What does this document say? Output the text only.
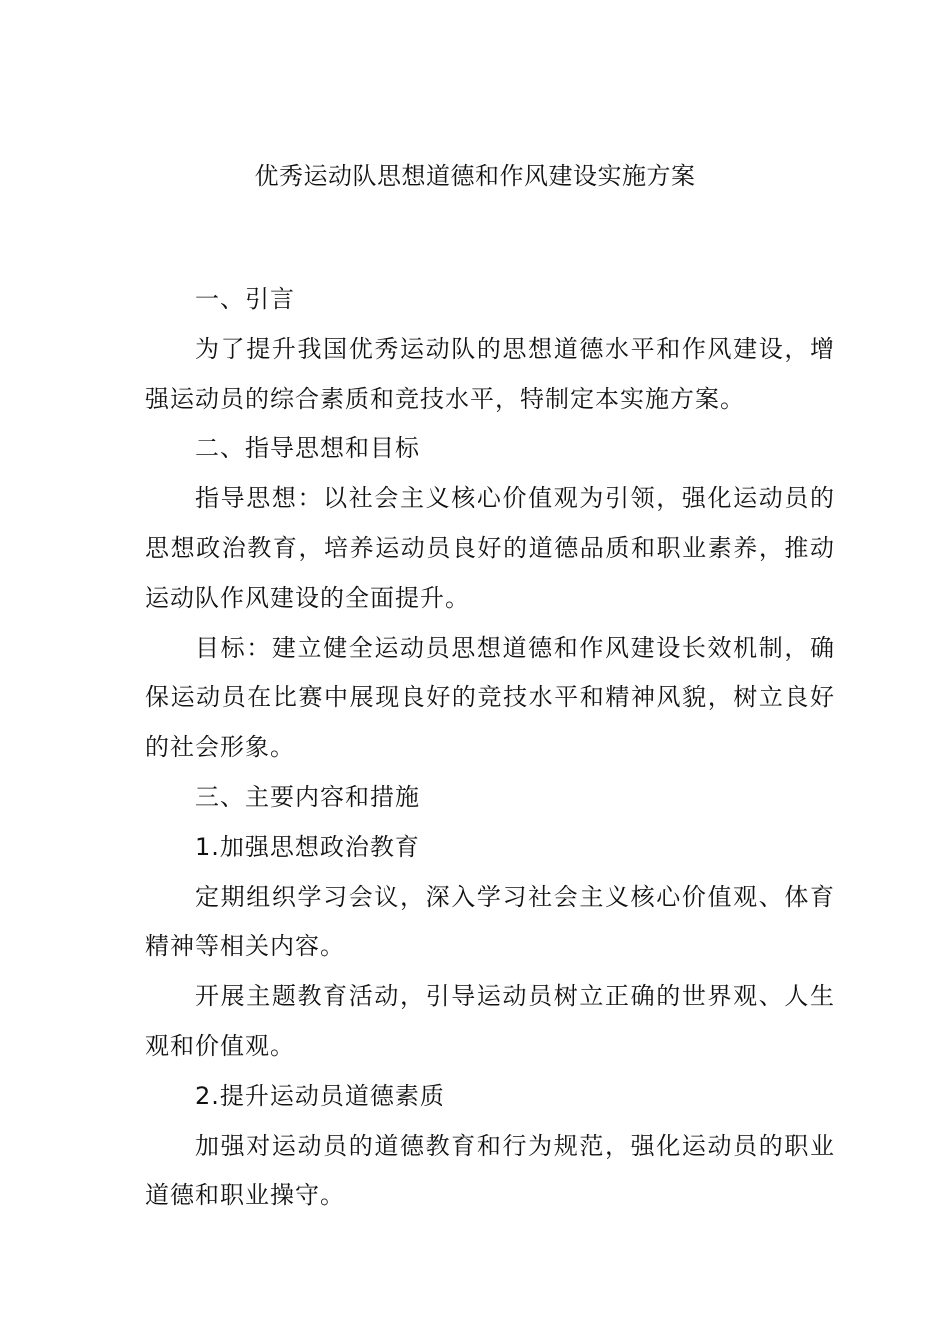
优秀运动队思想道德和作风建设实施方案

一、引言

为了提升我国优秀运动队的思想道德水平和作风建设，增强运动员的综合素质和竞技水平，特制定本实施方案。

二、指导思想和目标

指导思想：以社会主义核心价值观为引领，强化运动员的思想政治教育，培养运动员良好的道德品质和职业素养，推动运动队作风建设的全面提升。

目标：建立健全运动员思想道德和作风建设长效机制，确保运动员在比赛中展现良好的竞技水平和精神风貌，树立良好的社会形象。

三、主要内容和措施

1.加强思想政治教育

定期组织学习会议，深入学习社会主义核心价值观、体育精神等相关内容。

开展主题教育活动，引导运动员树立正确的世界观、人生观和价值观。

2.提升运动员道德素质

加强对运动员的道德教育和行为规范，强化运动员的职业道德和职业操守。
